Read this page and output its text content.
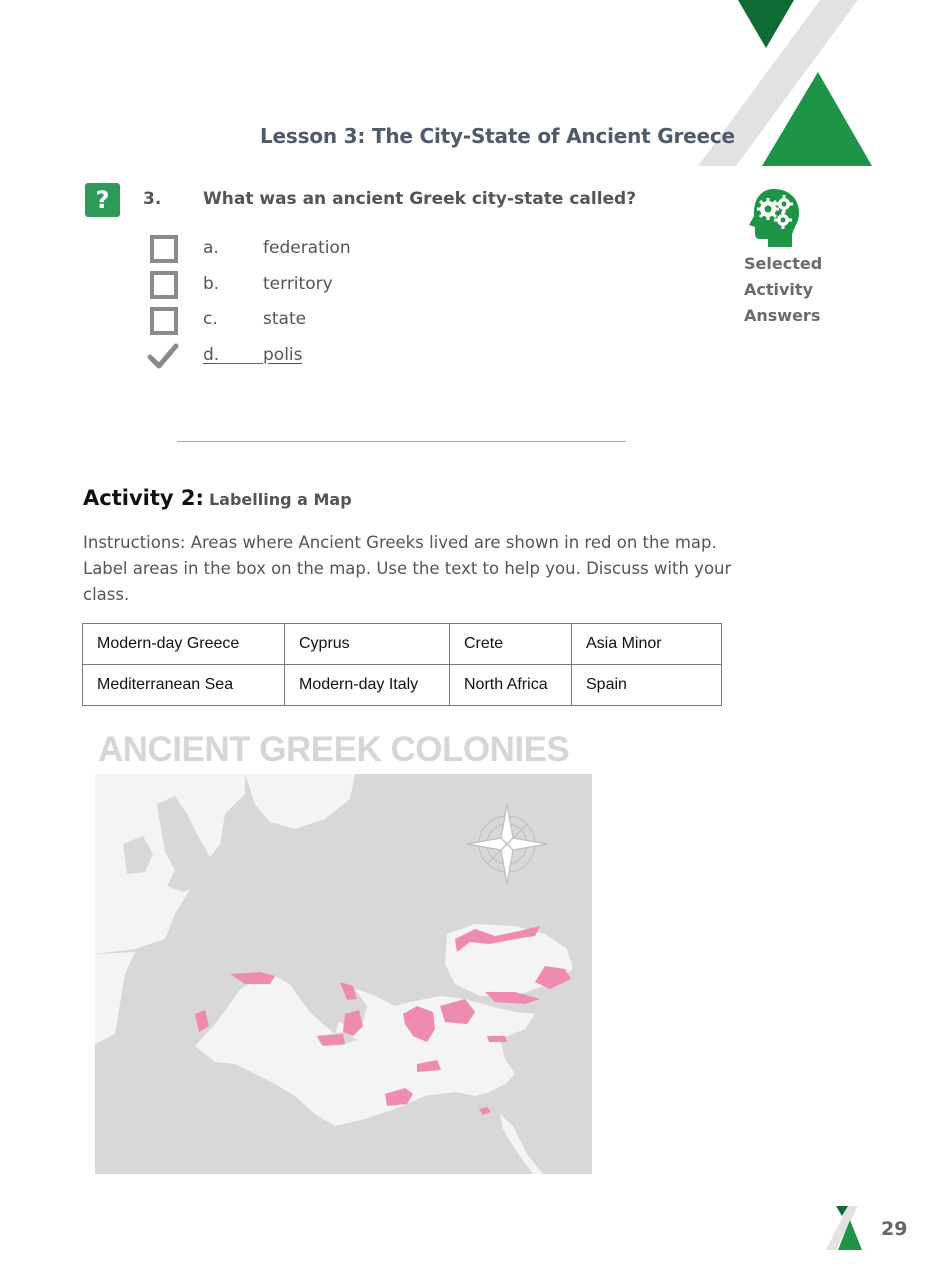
Lesson 3: The City-State of Ancient Greece
?	3. What was an ancient Greek city-state called?
a.	federation
b.	territory
c.	state
d.	polis
Selected
Activity
Answers
Activity 2: Labelling a Map
Instructions: Areas where Ancient Greeks lived are shown in red on the map. Label areas in the box on the map. Use the text to help you. Discuss with your class.
Modern-day Greece	Cyprus	Crete	Asia Minor
Mediterranean Sea	Modern-day Italy	North Africa	Spain
ANCIENT GREEK COLONIES
29
